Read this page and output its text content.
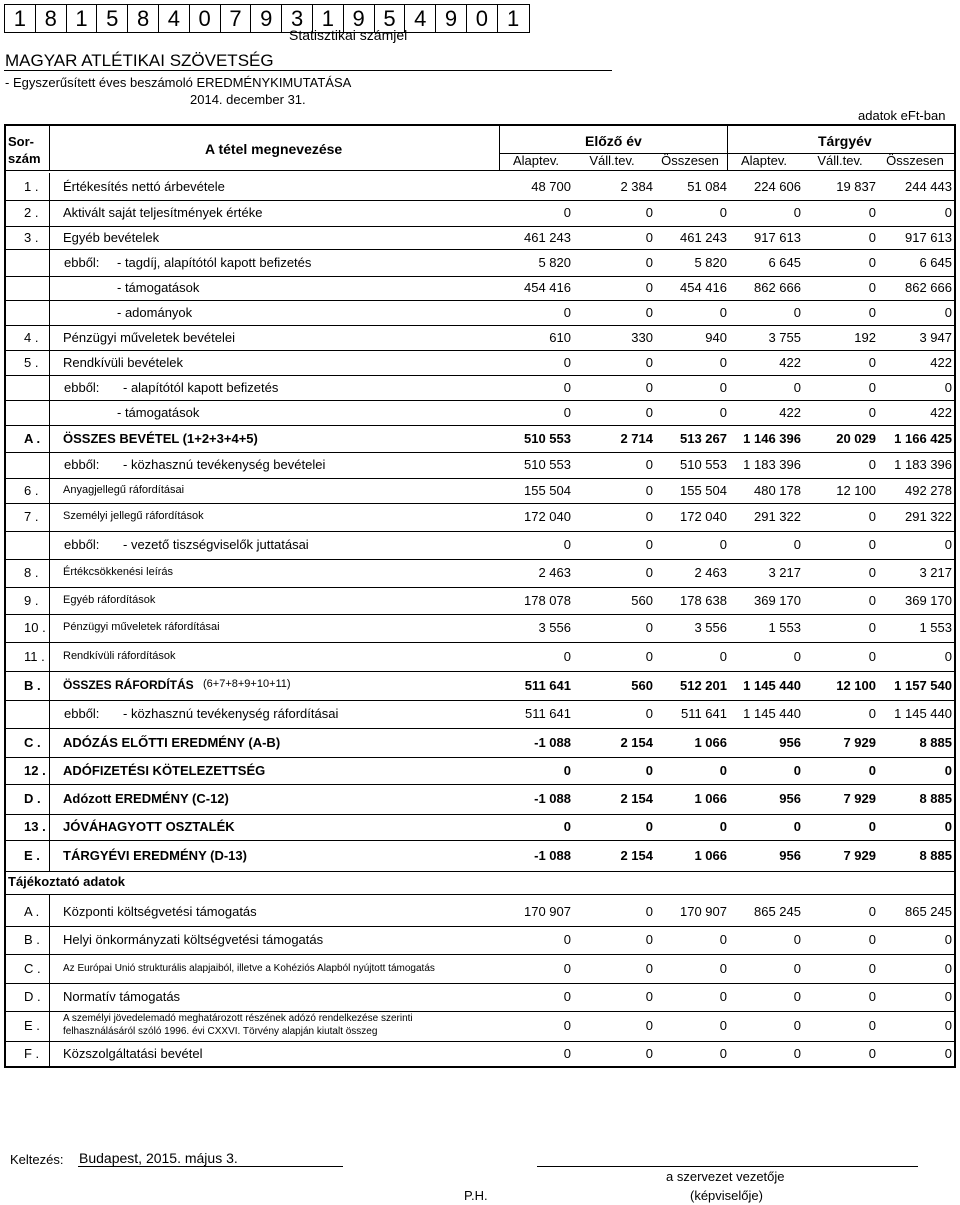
1 8 1 5 8 4 0 7 9 3 1 9 5 4 9 0 1
Statisztikai számjel
MAGYAR ATLÉTIKAI SZÖVETSÉG
- Egyszerűsített éves beszámoló EREDMÉNYKIMUTATÁSA
2014. december 31.
adatok eFt-ban
Sor-
szám
A tétel megnevezése	Előző év	Tárgyév
Alaptev.	Váll.tev.	Összesen	Alaptev.	Váll.tev.	Összesen
1 . Értékesítés nettó árbevétele	48 700	2 384	51 084	224 606	19 837	244 443
2 . Aktivált saját teljesítmények értéke	0	0	0	0	0	0
3 . Egyéb bevételek	461 243	0	461 243	917 613	0	917 613
ebből: - tagdíj, alapítótól kapott befizetés	5 820	0	5 820	6 645	0	6 645
- támogatások	454 416	0	454 416	862 666	0	862 666
- adományok	0	0	0	0	0	0
4 . Pénzügyi műveletek bevételei	610	330	940	3 755	192	3 947
5 . Rendkívüli bevételek	0	0	0	422	0	422
ebből: - alapítótól kapott befizetés	0	0	0	0	0	0
- támogatások	0	0	0	422	0	422
A . ÖSSZES BEVÉTEL (1+2+3+4+5)	510 553	2 714	513 267	1 146 396	20 029	1 166 425
ebből: - közhasznú tevékenység bevételei	510 553	0	510 553	1 183 396	0	1 183 396
6 . Anyagjellegű ráfordításai	155 504	0	155 504	480 178	12 100	492 278
7 . Személyi jellegű ráfordítások	172 040	0	172 040	291 322	0	291 322
ebből: - vezető tiszségviselők juttatásai	0	0	0	0	0	0
8 . Értékcsökkenési leírás	2 463	0	2 463	3 217	0	3 217
9 . Egyéb ráfordítások	178 078	560	178 638	369 170	0	369 170
10 . Pénzügyi műveletek ráfordításai	3 556	0	3 556	1 553	0	1 553
11 . Rendkívüli ráfordítások	0	0	0	0	0	0
B . ÖSSZES RÁFORDÍTÁS (6+7+8+9+10+11)	511 641	560	512 201	1 145 440	12 100	1 157 540
ebből: - közhasznú tevékenység ráfordításai	511 641	0	511 641	1 145 440	0	1 145 440
C . ADÓZÁS ELŐTTI EREDMÉNY (A-B)	-1 088	2 154	1 066	956	7 929	8 885
12 . ADÓFIZETÉSI KÖTELEZETTSÉG	0	0	0	0	0	0
D . Adózott EREDMÉNY (C-12)	-1 088	2 154	1 066	956	7 929	8 885
13 . JÓVÁHAGYOTT OSZTALÉK	0	0	0	0	0	0
E . TÁRGYÉVI EREDMÉNY (D-13)	-1 088	2 154	1 066	956	7 929	8 885
Tájékoztató adatok
A . Központi költségvetési támogatás	170 907	0	170 907	865 245	0	865 245
B . Helyi önkormányzati költségvetési támogatás	0	0	0	0	0	0
C . Az Európai Unió strukturális alapjaiból, illetve a Kohéziós Alapból nyújtott támogatás	0	0	0	0	0	0
D . Normatív támogatás	0	0	0	0	0	0
E . A személyi jövedelemadó meghatározott részének adózó rendelkezése szerinti
felhasználásáról szóló 1996. évi CXXVI. Törvény alapján kiutalt összeg	0	0	0	0	0	0
F . Közszolgáltatási bevétel	0	0	0	0	0	0
Keltezés: Budapest, 2015. május 3.
a szervezet vezetője
P.H.	(képviselője)
